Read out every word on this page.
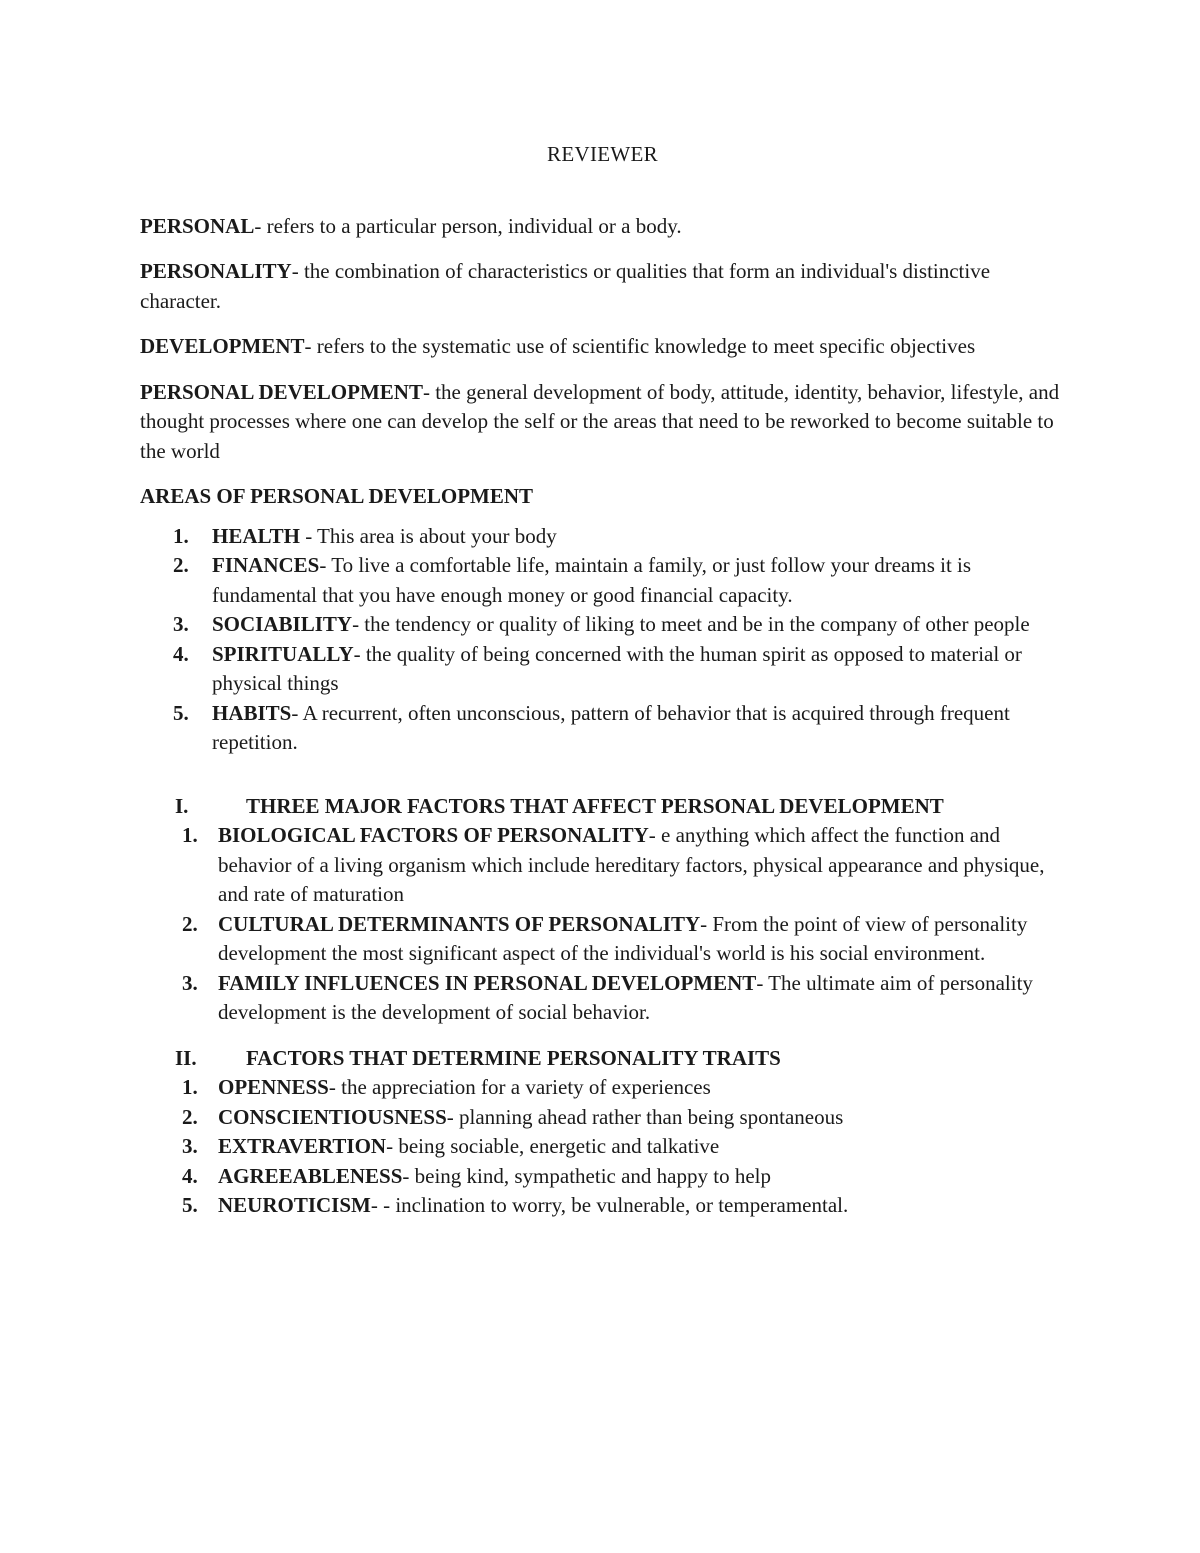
REVIEWER

PERSONAL- refers to a particular person, individual or a body.

PERSONALITY- the combination of characteristics or qualities that form an individual's distinctive character.

DEVELOPMENT- refers to the systematic use of scientific knowledge to meet specific objectives

PERSONAL DEVELOPMENT- the general development of body, attitude, identity, behavior, lifestyle, and thought processes where one can develop the self or the areas that need to be reworked to become suitable to the world

AREAS OF PERSONAL DEVELOPMENT
1. HEALTH - This area is about your body
2. FINANCES- To live a comfortable life, maintain a family, or just follow your dreams it is fundamental that you have enough money or good financial capacity.
3. SOCIABILITY- the tendency or quality of liking to meet and be in the company of other people
4. SPIRITUALLY- the quality of being concerned with the human spirit as opposed to material or physical things
5. HABITS- A recurrent, often unconscious, pattern of behavior that is acquired through frequent repetition.
I.	THREE MAJOR FACTORS THAT AFFECT PERSONAL DEVELOPMENT
1. BIOLOGICAL FACTORS OF PERSONALITY- e anything which affect the function and behavior of a living organism which include hereditary factors, physical appearance and physique, and rate of maturation
2. CULTURAL DETERMINANTS OF PERSONALITY- From the point of view of personality development the most significant aspect of the individual's world is his social environment.
3. FAMILY INFLUENCES IN PERSONAL DEVELOPMENT- The ultimate aim of personality development is the development of social behavior.
II. FACTORS THAT DETERMINE PERSONALITY TRAITS
1. OPENNESS- the appreciation for a variety of experiences
2. CONSCIENTIOUSNESS- planning ahead rather than being spontaneous
3. EXTRAVERTION- being sociable, energetic and talkative
4. AGREEABLENESS- being kind, sympathetic and happy to help
5. NEUROTICISM- - inclination to worry, be vulnerable, or temperamental.
